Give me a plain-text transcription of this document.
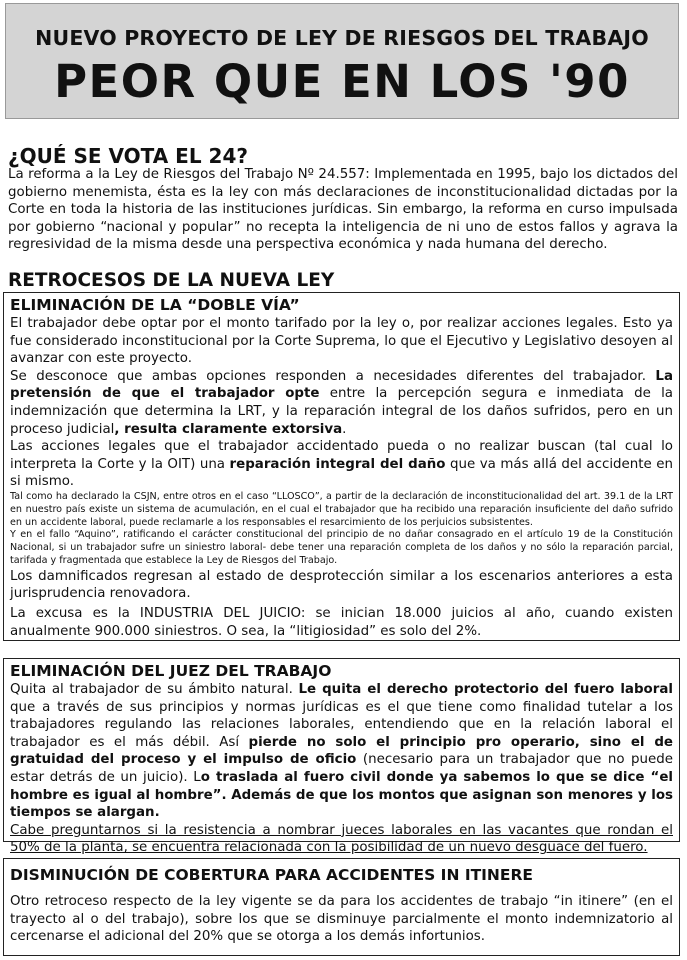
NUEVO PROYECTO DE LEY DE RIESGOS DEL TRABAJO
PEOR QUE EN LOS '90
¿QUÉ SE VOTA EL 24?

La reforma a la Ley de Riesgos del Trabajo Nº 24.557: Implementada en 1995, bajo los dictados del gobierno menemista, ésta es la ley con más declaraciones de inconstitucionalidad dictadas por la Corte en toda la historia de las instituciones jurídicas. Sin embargo, la reforma en curso impulsada por gobierno “nacional y popular” no recepta la inteligencia de ni uno de estos fallos y agrava la regresividad de la misma desde una perspectiva económica y nada humana del derecho.

RETROCESOS DE LA NUEVA LEY
ELIMINACIÓN DE LA “DOBLE VÍA”

El trabajador debe optar por el monto tarifado por la ley o, por realizar acciones legales. Esto ya fue considerado inconstitucional por la Corte Suprema, lo que el Ejecutivo y Legislativo desoyen al avanzar con este proyecto.

Se desconoce que ambas opciones responden a necesidades diferentes del trabajador. La pretensión de que el trabajador opte entre la percepción segura e inmediata de la indemnización que determina la LRT, y la reparación integral de los daños sufridos, pero en un proceso judicial, resulta claramente extorsiva.

Las acciones legales que el trabajador accidentado pueda o no realizar buscan (tal cual lo interpreta la Corte y la OIT) una reparación integral del daño que va más allá del accidente en si mismo.

Tal como ha declarado la CSJN, entre otros en el caso “LLOSCO”, a partir de la declaración de inconstitucionalidad del art. 39.1 de la LRT en nuestro país existe un sistema de acumulación, en el cual el trabajador que ha recibido una reparación insuficiente del daño sufrido en un accidente laboral, puede reclamarle a los responsables el resarcimiento de los perjuicios subsistentes.

Y en el fallo “Aquino”, ratificando el carácter constitucional del principio de no dañar consagrado en el artículo 19 de la Constitución Nacional, si un trabajador sufre un siniestro laboral- debe tener una reparación completa de los daños y no sólo la reparación parcial, tarifada y fragmentada que establece la Ley de Riesgos del Trabajo.

Los damnificados regresan al estado de desprotección similar a los escenarios anteriores a esta jurisprudencia renovadora.

La excusa es la INDUSTRIA DEL JUICIO: se inician 18.000 juicios al año, cuando existen anualmente 900.000 siniestros. O sea, la “litigiosidad” es solo del 2%.

ELIMINACIÓN DEL JUEZ DEL TRABAJO

Quita al trabajador de su ámbito natural. Le quita el derecho protectorio del fuero laboral que a través de sus principios y normas jurídicas es el que tiene como finalidad tutelar a los trabajadores regulando las relaciones laborales, entendiendo que en la relación laboral el trabajador es el más débil. Así pierde no solo el principio pro operario, sino el de gratuidad del proceso y el impulso de oficio (necesario para un trabajador que no puede estar detrás de un juicio). Lo traslada al fuero civil donde ya sabemos lo que se dice “el hombre es igual al hombre”. Además de que los montos que asignan son menores y los tiempos se alargan.

Cabe preguntarnos si la resistencia a nombrar jueces laborales en las vacantes que rondan el 50% de la planta, se encuentra relacionada con la posibilidad de un nuevo desguace del fuero.

DISMINUCIÓN DE COBERTURA PARA ACCIDENTES IN ITINERE

Otro retroceso respecto de la ley vigente se da para los accidentes de trabajo “in itinere” (en el trayecto al o del trabajo), sobre los que se disminuye parcialmente el monto indemnizatorio al cercenarse el adicional del 20% que se otorga a los demás infortunios.
